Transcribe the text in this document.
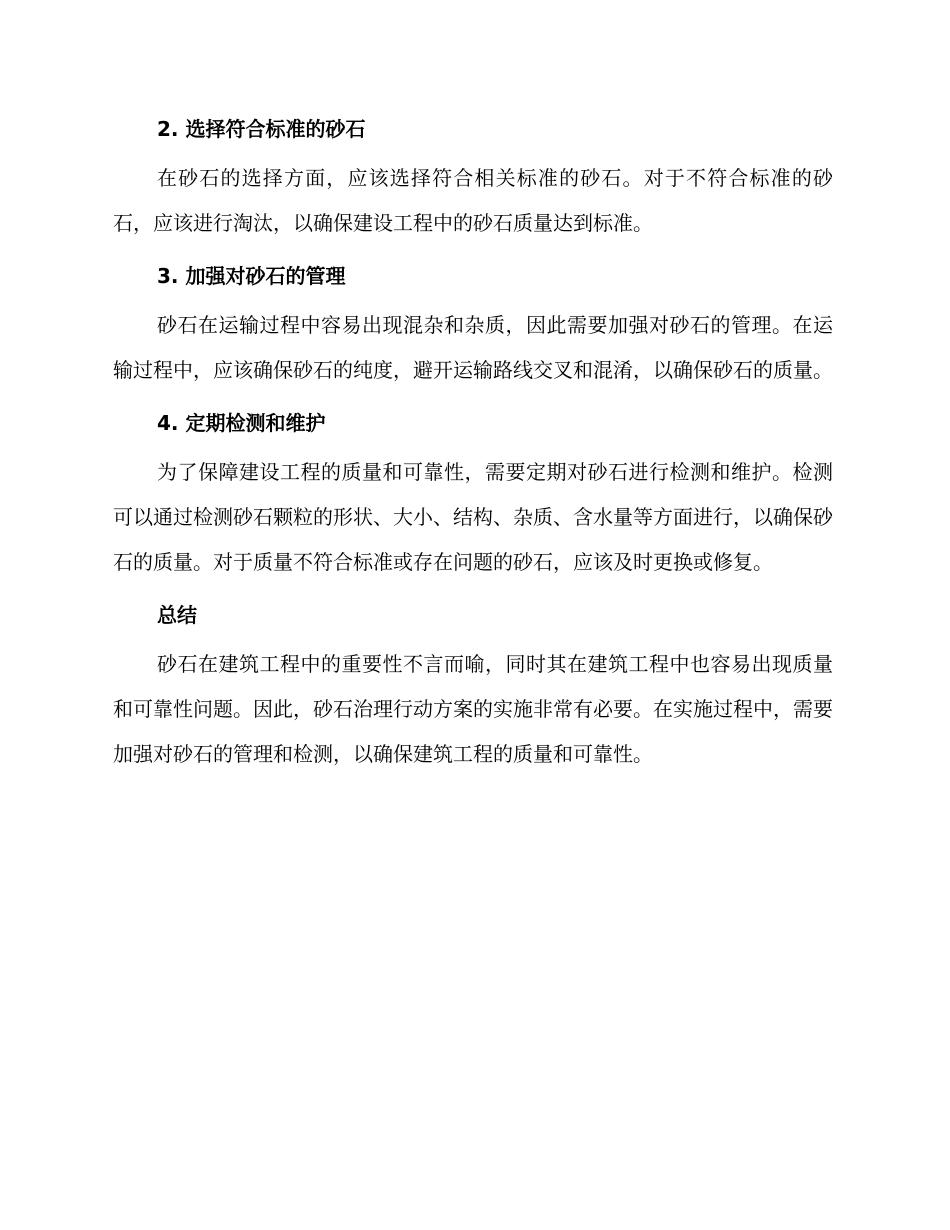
2. 选择符合标准的砂石

在砂石的选择方面，应该选择符合相关标准的砂石。对于不符合标准的砂石，应该进行淘汰，以确保建设工程中的砂石质量达到标准。

3. 加强对砂石的管理

砂石在运输过程中容易出现混杂和杂质，因此需要加强对砂石的管理。在运输过程中，应该确保砂石的纯度，避开运输路线交叉和混淆，以确保砂石的质量。

4. 定期检测和维护

为了保障建设工程的质量和可靠性，需要定期对砂石进行检测和维护。检测可以通过检测砂石颗粒的形状、大小、结构、杂质、含水量等方面进行，以确保砂石的质量。对于质量不符合标准或存在问题的砂石，应该及时更换或修复。

总结

砂石在建筑工程中的重要性不言而喻，同时其在建筑工程中也容易出现质量和可靠性问题。因此，砂石治理行动方案的实施非常有必要。在实施过程中，需要加强对砂石的管理和检测，以确保建筑工程的质量和可靠性。
